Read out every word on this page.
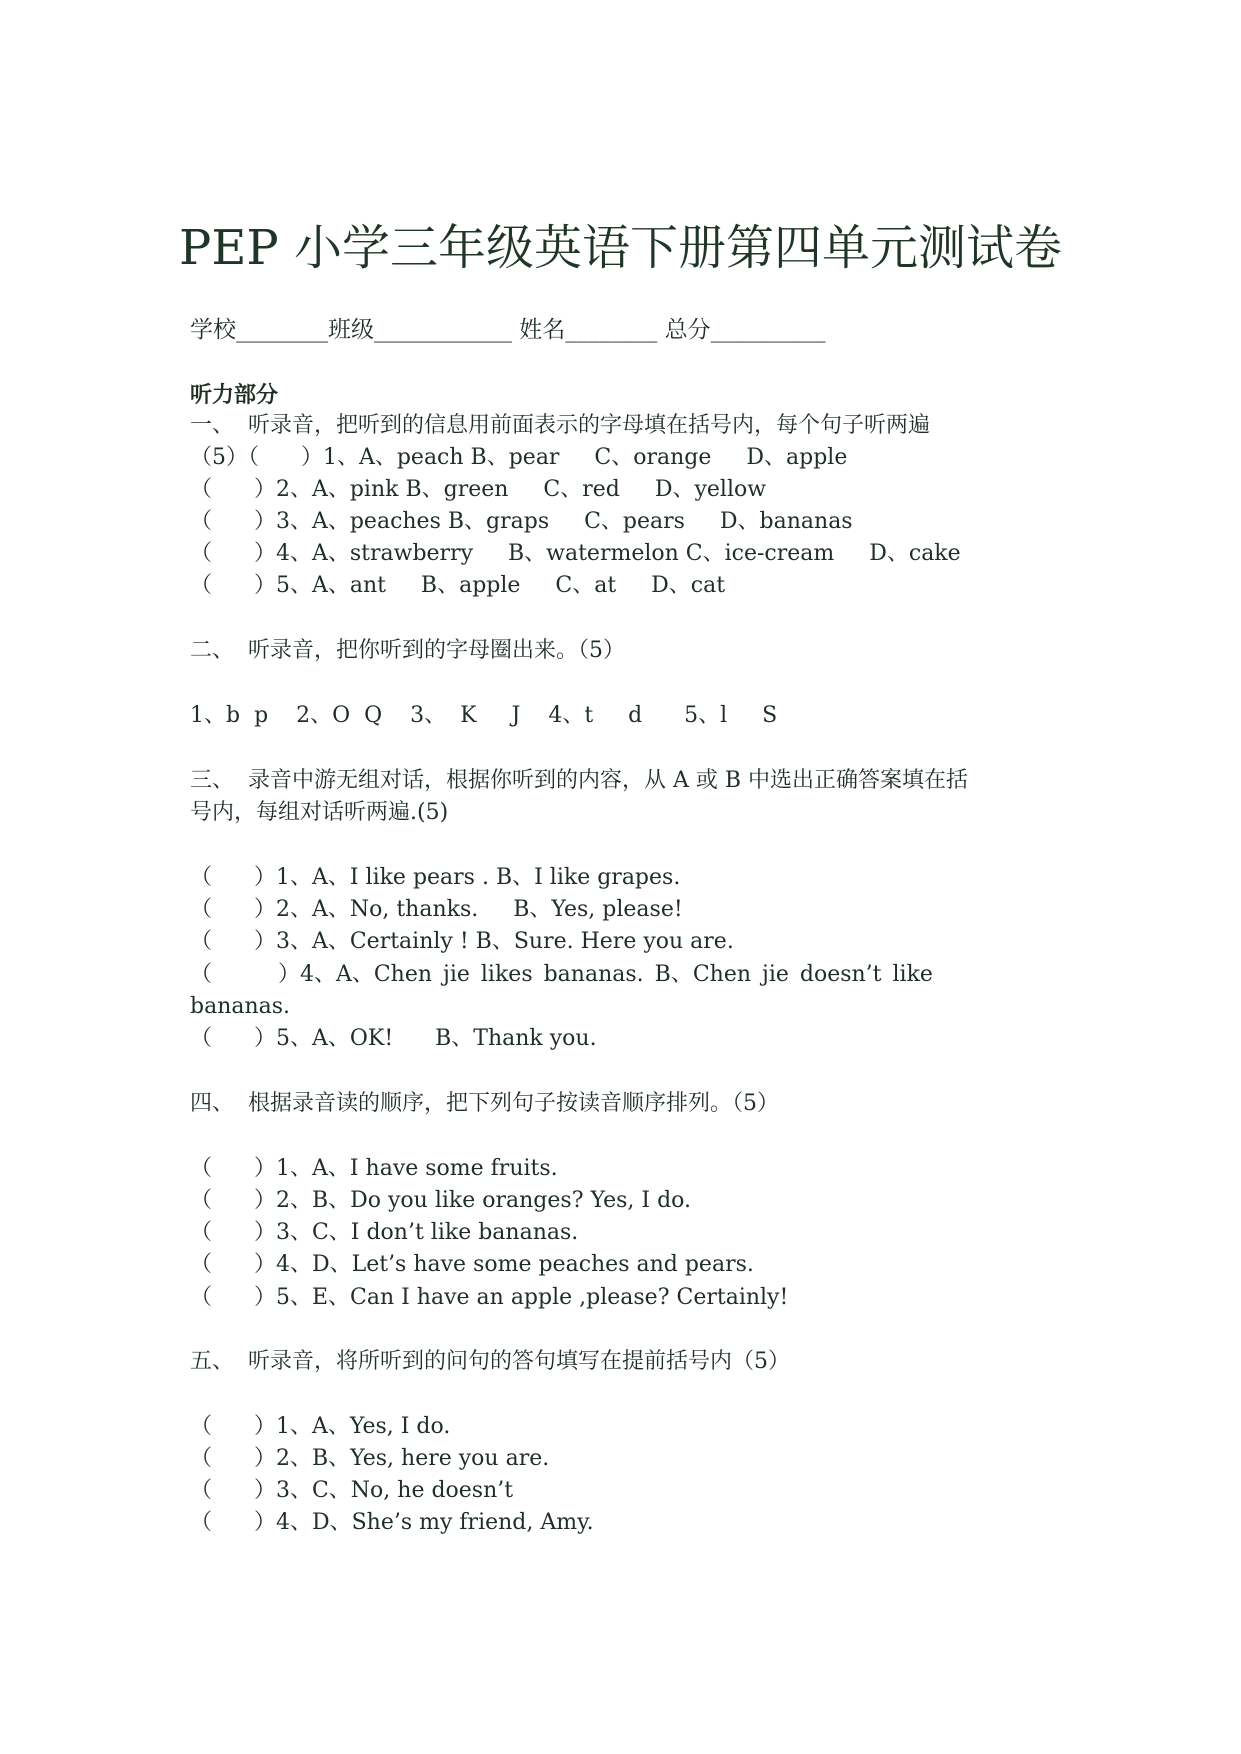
PEP 小学三年级英语下册第四单元测试卷
学校________班级____________ 姓名________ 总分__________
听力部分
一、  听录音，把听到的信息用前面表示的字母填在括号内，每个句子听两遍
（5）（      ）1、A、peach B、pear     C、orange     D、apple
（      ）2、A、pink B、green     C、red     D、yellow
（      ）3、A、peaches B、graps     C、pears     D、bananas
（      ）4、A、strawberry     B、watermelon C、ice-cream     D、cake
（      ）5、A、ant     B、apple     C、at     D、cat
二、  听录音，把你听到的字母圈出来。（5）
1、b  p    2、O  Q    3、  K     J    4、t     d      5、l     S
三、  录音中游无组对话，根据你听到的内容，从 A 或 B 中选出正确答案填在括
号内，每组对话听两遍.(5)
（      ）1、A、I like pears . B、I like grapes.
（      ）2、A、No, thanks.     B、Yes, please!
（      ）3、A、Certainly ! B、Sure. Here you are.
（      ）4、A、Chen jie likes bananas. B、Chen jie doesn’t like
bananas.
（      ）5、A、OK!      B、Thank you.
四、  根据录音读的顺序，把下列句子按读音顺序排列。（5）
（      ）1、A、I have some fruits.
（      ）2、B、Do you like oranges? Yes, I do.
（      ）3、C、I don’t like bananas.
（      ）4、D、Let’s have some peaches and pears.
（      ）5、E、Can I have an apple ,please? Certainly!
五、  听录音，将所听到的问句的答句填写在提前括号内（5）
（      ）1、A、Yes, I do.
（      ）2、B、Yes, here you are.
（      ）3、C、No, he doesn’t
（      ）4、D、She’s my friend, Amy.
